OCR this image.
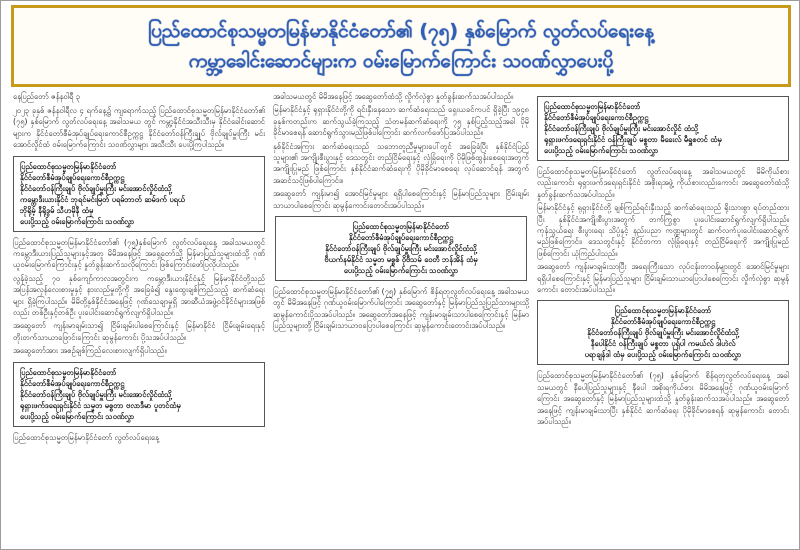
ပြည်ထောင်စုသမ္မတမြန်မာနိုင်ငံတော်၏ (၇၅) နှစ်မြောက် လွတ်လပ်ရေးနေ့
ကမ္ဘာ့ခေါင်းဆောင်များက ဝမ်းမြောက်ကြောင်း သဝဏ်လွှာပေးပို့
နေပြည်တော် ဇန်နဝါရီ ၃
၂၀၂၃ ခုနှစ် ဇန်နဝါရီလ ၄ ရက်နေ့၌ ကျရောက်သည့် ပြည်ထောင်စုသမ္မတမြန်မာနိုင်ငံတော်၏ (၇၅) နှစ်မြောက် လွတ်လပ်ရေးနေ့ အခါသမယ တွင် ကမ္ဘာ့နိုင်ငံအသီးသီးမှ နိုင်ငံခေါင်းဆောင်များက နိုင်ငံတော်စီမံအုပ်ချုပ်ရေးကောင်စီဥက္ကဋ္ဌ နိုင်ငံတော်ဝန်ကြီးချုပ် ဗိုလ်ချုပ်မှူးကြီး မင်းအောင်လှိုင်ထံ ဝမ်းမြောက်ကြောင်း သဝဏ်လွှာများ အသီးသီး ပေးပို့ကြပါသည်။
ပြည်ထောင်စုသမ္မတမြန်မာနိုင်ငံတော်
နိုင်ငံတော်စီမံအုပ်ချုပ်ရေးကောင်စီဥက္ကဋ္ဌ
နိုင်ငံတော်ဝန်ကြီးချုပ် ဗိုလ်ချုပ်မှူးကြီး မင်းအောင်လှိုင်ထံသို့
ကမ္ဘောဒီးယားနိုင်ငံ ဘုရင်မင်းမြတ် ပရမ်ဘာတ် ဆမ်ဒက် ပရယ်
ဘိုရိုမ့် နီရိုဒွမ် သီဟမိုနီ ထံမှ
ပေးပို့သည့် ဝမ်းမြောက်ကြောင်း သဝဏ်လွှာ
ပြည်ထောင်စုသမ္မတမြန်မာနိုင်ငံတော်၏ (၇၅)နှစ်မြောက် လွတ်လပ်ရေးနေ့ အခါသမယတွင် ကမ္ဘောဒီးယားပြည်သူများနှင့်အတူ မိမိအနေဖြင့် အရှေ့တော်သို့ မြန်မာပြည်သူများထံသို့ ဂုဏ်ယူဝမ်းမြောက်ကြောင်းနှင့် နှုတ်ခွန်းဆက်သလိုကြောင်း ဖြစ်ကြောင်းဖော်ပြလိုပါသည်။
လွန်ခဲ့သည့် ၇၀ နှစ်ကျော်ကာလအတွင်းက ကမ္ဘောဒီးယားနိုင်ငံနှင့် မြန်မာနိုင်ငံတို့သည် အပြန်အလှန်လေးစားမှုနှင့် နားလည်မှုတို့ကို အခြေခံ၍ နွေးထွေးချစ်ကြည်သည့် ဆက်ဆံရေးများ ရှိခဲ့ကြပါသည်။ မိမိတို့နှစ်နိုင်ငံအနေဖြင့် ဂုဏ်သေချာမှုရှိ အာဆီယံအဖွဲ့ဝင်နိုင်ငံများအဖြစ်လည်း တစ်ဦးနှင့်တစ်ဦး ပူးပေါင်းဆောင်ရွက်လျက်ရှိပါသည်။
အဆွေတော် ကျန်းမာချမ်းသာ၍ ငြိမ်းချမ်းပါစေကြောင်းနှင့် မြန်မာနိုင်ငံ ငြိမ်းချမ်းရေးနှင့် တိုးတက်သာယာဖြောင်းကြောင်း ဆုမွန်ကောင်း ပို့သအပ်ပါသည်။
အဆွေတော်အား အစဉ်ချစ်ကြည်လေးစားလျက်ရှိပါသည်။
ပြည်ထောင်စုသမ္မတမြန်မာနိုင်ငံတော်
နိုင်ငံတော်စီမံအုပ်ချုပ်ရေးကောင်စီဥက္ကဋ္ဌ
နိုင်ငံတော်ဝန်ကြီးချုပ် ဗိုလ်ချုပ်မှူးကြီး မင်းအောင်လှိုင်ထံသို့
ရုရှားဖက်ဒရေးရှင်းနိုင်ငံ သမ္မတ မစ္စတာ ဗလာဒီမာ ပူတင်ထံမှ
ပေးပို့သည့် ဝမ်းမြောက်ကြောင်း သဝဏ်လွှာ
ပြည်ထောင်စုသမ္မတမြန်မာနိုင်ငံတော် လွတ်လပ်ရေးနေ့
အခါသမယတွင် မိမိအနေဖြင့် အဆွေတော်ထံသို့ လှိုက်လှဲစွာ နှုတ်ခွန်းဆက်သအပ်ပါသည်။
မြန်မာနိုင်ငံနှင့် ရုရှားနိုင်ငံတို့ကို ရင်းနှီးနေသော ဆက်ဆံရေးသည် ရှေးယခင်ကပင် ရှိခဲ့ပြီး ၁၉၄၈ ခုနှစ်ကတည်းက ဆက်သွယ်ခဲ့ကြသည့် သံတမန်ဆက်ဆံရေးကို ၇၅ နှစ်ပြည့်သည့်အခါ ပိုမိုခိုင်မာစေရန် ဆောင်ရွက်သွားမည်ဖြစ်ပါကြောင်း ဆက်လက်ဖော်ပြအပ်ပါသည်။
နှစ်နိုင်ငံအကြား ဆက်ဆံရေးသည် သဘောတူညီမှုများပေါ်တွင် အခြေခံပြီး နှစ်နိုင်ငံပြည်သူများ၏ အကျိုးစီးပွားနှင့် ဒေသတွင်း တည်ငြိမ်ရေးနှင့် လုံခြုံရေးကို ပိုမိုဖြစ်ထွန်းစေရေးအတွက် အကျိုးပြုမည် ဖြစ်ကြောင်း နှစ်နိုင်ငံဆက်ဆံရေးကို ပိုမိုခိုင်မာစေရေး လုပ်ဆောင်ရန် အတွက် အဆင်သင့်ဖြစ်ပါကြောင်း။
အဆွေတော် ကျန်းမာ၍ အောင်မြင်မှုများ ရရှိပါစေကြောင်းနှင့် မြန်မာပြည်သူများ ငြိမ်းချမ်းသာယာပါစေကြောင်း ဆုမွန်ကောင်းတောင်းအပ်ပါသည်။
ပြည်ထောင်စုသမ္မတမြန်မာနိုင်ငံတော်
နိုင်ငံတော်စီမံအုပ်ချုပ်ရေးကောင်စီဥက္ကဋ္ဌ
နိုင်ငံတော်ဝန်ကြီးချုပ် ဗိုလ်ချုပ်မှူးကြီး မင်းအောင်လှိုင်ထံသို့
ဗီယက်နမ်နိုင်ငံ သမ္မတ မစ္စစ် ဝိုဗီသမ် ဝေတီ ဘန်အိန် ထံမှ
ပေးပို့သည့် ဝမ်းမြောက်ကြောင်း သဝဏ်လွှာ
ပြည်ထောင်စုသမ္မတမြန်မာနိုင်ငံတော်၏ (၇၅) နှစ်မြောက် စိန်ရတုလွတ်လပ်ရေးနေ့ အခါသမယတွင် မိမိအနေဖြင့် ဂုဏ်ယူဝမ်းမြောက်ပါကြောင်း အဆွေတော်နှင့် မြန်မာပြည်သူပြည်သားများသို့ ဆုမွန်ကောင်းပို့သအပ်ပါသည်။ အဆွေတော်အနေဖြင့် ကျန်းမာချမ်းသာပါစေကြောင်းနှင့် မြန်မာပြည်သူများတို့ ငြိမ်းချမ်းသာယာဝပြောပါစေကြောင်း ဆုမွန်ကောင်းတောင်းအပ်ပါသည်။
ပြည်ထောင်စုသမ္မတမြန်မာနိုင်ငံတော်
နိုင်ငံတော်စီမံအုပ်ချုပ်ရေးကောင်စီဥက္ကဋ္ဌ
နိုင်ငံတော်ဝန်ကြီးချုပ် ဗိုလ်ချုပ်မှူးကြီး မင်းအောင်လှိုင် ထံသို့
ရုရှားဖက်ဒရေးရှင်းနိုင်ငံ ဝန်ကြီးချုပ် မစ္စတာ မီခေးလ် မီရှူစတင် ထံမှ
ပေးပို့သည့် ဝမ်းမြောက်ကြောင်း သဝဏ်လွှာ
ပြည်ထောင်စုသမ္မတမြန်မာနိုင်ငံတော် လွတ်လပ်ရေးနေ့ အခါသမယတွင် မိမိကိုယ်စားလည်းကောင်း ရုရှားဖက်ဒရေးရှင်းနိုင်ငံ အစိုးရအဖွဲ့ ကိုယ်စားလည်းကောင်း အဆွေတော်ထံသို့ နှုတ်ခွန်းဆက်သအပ်ပါသည်။
မြန်မာနိုင်ငံနှင့် ရုရှားနိုင်ငံတို့ ချစ်ကြည်ရင်းနှီးသည့် ဆက်ဆံရေးသည် ရိုးသားစွာ ရပ်တည်ထားပြီး နှစ်နိုင်ငံအကျိုးစီးပွားအတွက် တက်ကြွစွာ ပူးပေါင်းဆောင်ရွက်လျက်ရှိပါသည်။ ကုန်သွယ်ရေး စီးပွားရေး သိပ္ပံနှင့် နည်းပညာ ကဏ္ဍများတွင် ဆက်လက်ပူးပေါင်းဆောင်ရွက်မည်ဖြစ်ကြောင်း၊ ဒေသတွင်းနှင့် နိုင်ငံတကာ လုံခြုံရေးနှင့် တည်ငြိမ်ရေးကို အကျိုးပြုမည်ဖြစ်ကြောင်း ယုံကြည်ပါသည်။
အဆွေတော် ကျန်းမာချမ်းသာပြီး အရေးကြီးသော လုပ်ငန်းတာဝန်များတွင် အောင်မြင်မှုများ ရရှိပါစေကြောင်းနှင့် မြန်မာပြည်သူများ ငြိမ်းချမ်းသာယာပြောပါစေကြောင်း လှိုက်လှဲစွာ ဆုမွန်ကောင်း တောင်းအပ်ပါသည်။
ပြည်ထောင်စုသမ္မတမြန်မာနိုင်ငံတော်
နိုင်ငံတော်စီမံအုပ်ချုပ်ရေးကောင်စီဥက္ကဋ္ဌ
နိုင်ငံတော်ဝန်ကြီးချုပ် ဗိုလ်ချုပ်မှူးကြီး မင်းအောင်လှိုင်ထံသို့
နီပေါနိုင်ငံ ဝန်ကြီးချုပ် မစ္စတာ ပုရှ်ပါ ကမယ်လ် ဒါဟဲလ်
ပရာချန်ဒါ ထံမှ ပေးပို့သည့် ဝမ်းမြောက်ကြောင်း သဝဏ်လွှာ
ပြည်ထောင်စုသမ္မတမြန်မာနိုင်ငံတော်၏ (၇၅) နှစ်မြောက် စိန်ရတုလွတ်လပ်ရေးနေ့ အခါသမယတွင် နီပေါပြည်သူများနှင့် နီပေါ အစိုးရကိုယ်စား မိမိအနေဖြင့် ဂုဏ်ယူဝမ်းမြောက်ကြောင်း အဆွေတော်နှင့် မြန်မာပြည်သူများထံသို့ နှုတ်ခွန်းဆက်သအပ်ပါသည်။ အဆွေတော်အနေဖြင့် ကျန်းမာချမ်းသာပြီး နှစ်နိုင်ငံ ဆက်ဆံရေး ပိုမိုခိုင်မာစေရန် ဆုမွန်ကောင်း တောင်းအပ်ပါသည်။
